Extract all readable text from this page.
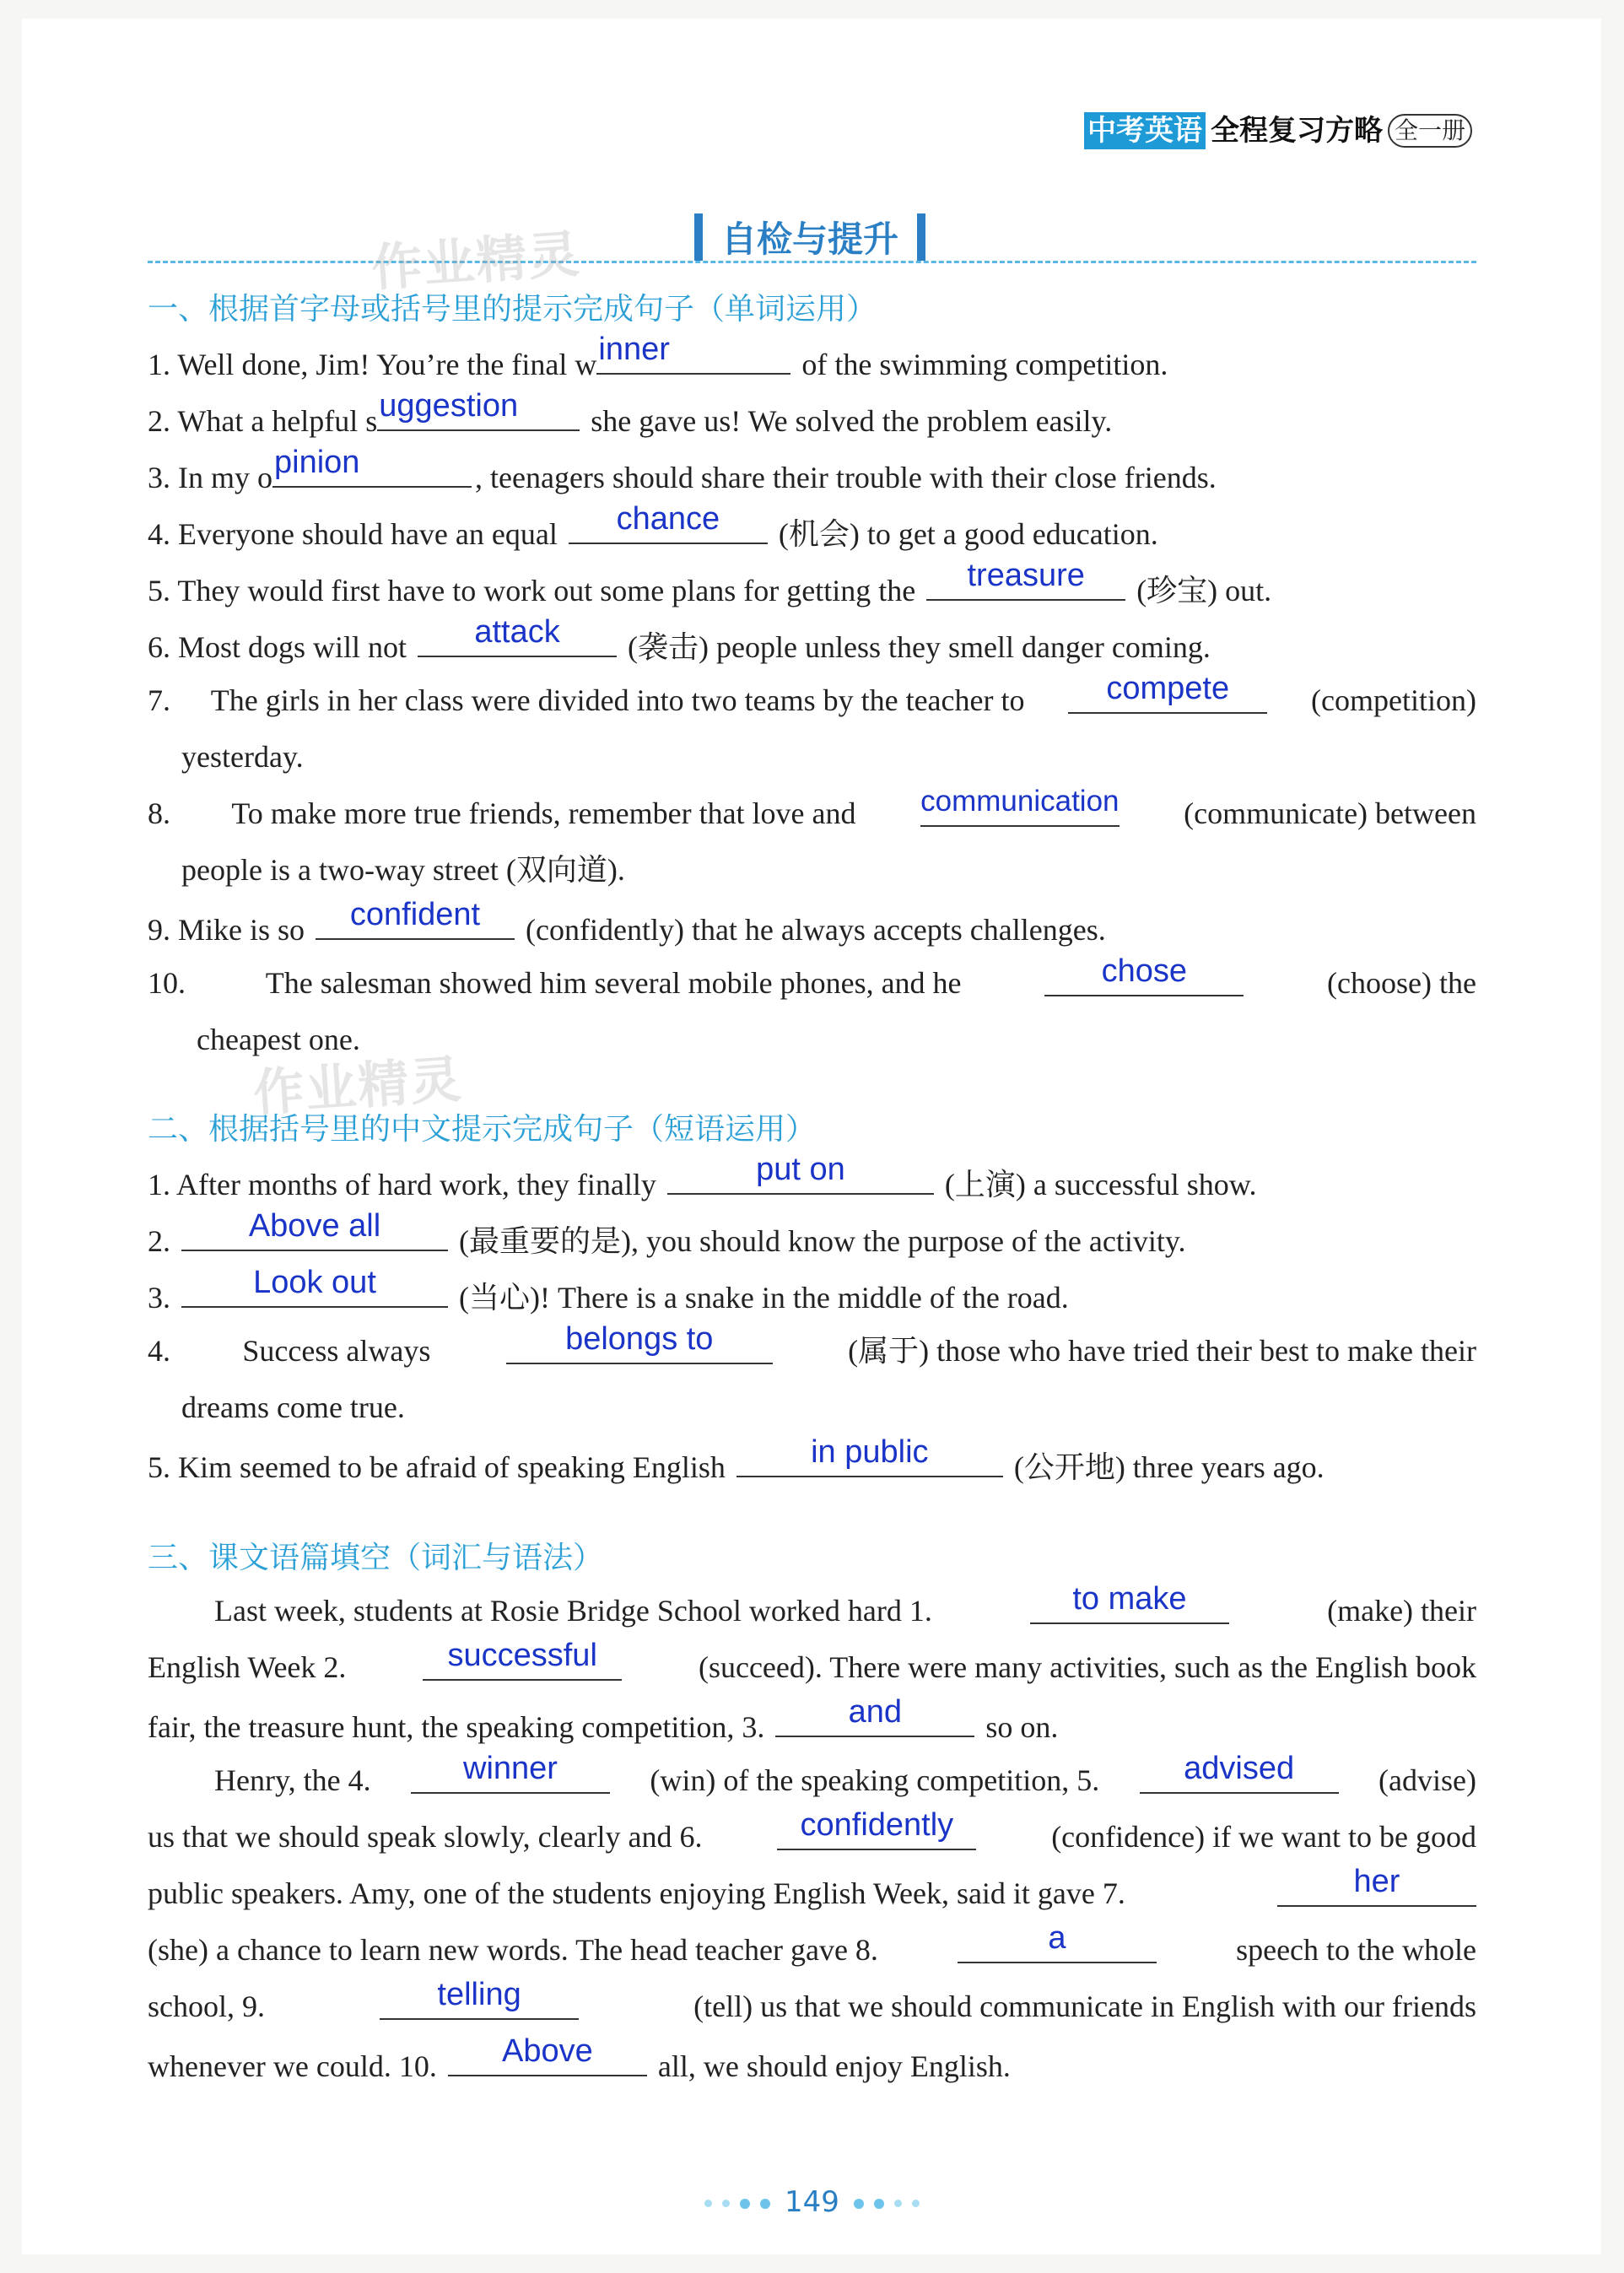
中考英语 全程复习方略 全一册
自检与提升
作业精灵
作业精灵
一、根据首字母或括号里的提示完成句子（单词运用）
1. Well done, Jim! You’re the final w inner	of the swimming competition.
2. What a helpful s uggestion	she gave us! We solved the problem easily.
3. In my o pinion	, teenagers should share their trouble with their close friends.
4. Everyone should have an equal	chance	(机会) to get a good education.
5. They would first have to work out some plans for getting the	treasure	(珍宝) out.
6. Most dogs will not	attack	(袭击) people unless they smell danger coming.
7. The girls in her class were divided into two teams by the teacher to	compete	(competition)
yesterday.
8. To make more true friends, remember that love and communication (communicate) between
people is a two-way street (双向道).
9. Mike is so	confident	(confidently) that he always accepts challenges.
10.	The salesman showed him several mobile phones, and he	chose	(choose) the
cheapest one.
二、根据括号里的中文提示完成句子（短语运用）
1. After months of hard work, they finally	put on	(上演) a successful show.
2.	Above all	(最重要的是), you should know the purpose of the activity.
3.	Look out	(当心)! There is a snake in the middle of the road.
4. Success always	belongs to	(属于) those who have tried their best to make their
dreams come true.
5. Kim seemed to be afraid of speaking English	in public	(公开地) three years ago.
三、课文语篇填空（词汇与语法）
Last week, students at Rosie Bridge School worked hard 1.	to make	(make) their
English Week 2.	successful	(succeed). There were many activities, such as the English book
fair, the treasure hunt, the speaking competition, 3.	and	so on.
Henry, the 4.	winner	(win) of the speaking competition, 5.	advised	(advise)
us that we should speak slowly, clearly and 6.	confidently	(confidence) if we want to be good
public speakers. Amy, one of the students enjoying English Week, said it gave 7.	her
(she) a chance to learn new words. The head teacher gave 8.	a	speech to the whole
school, 9.	telling	(tell) us that we should communicate in English with our friends
whenever we could. 10.	Above	all, we should enjoy English.
149
